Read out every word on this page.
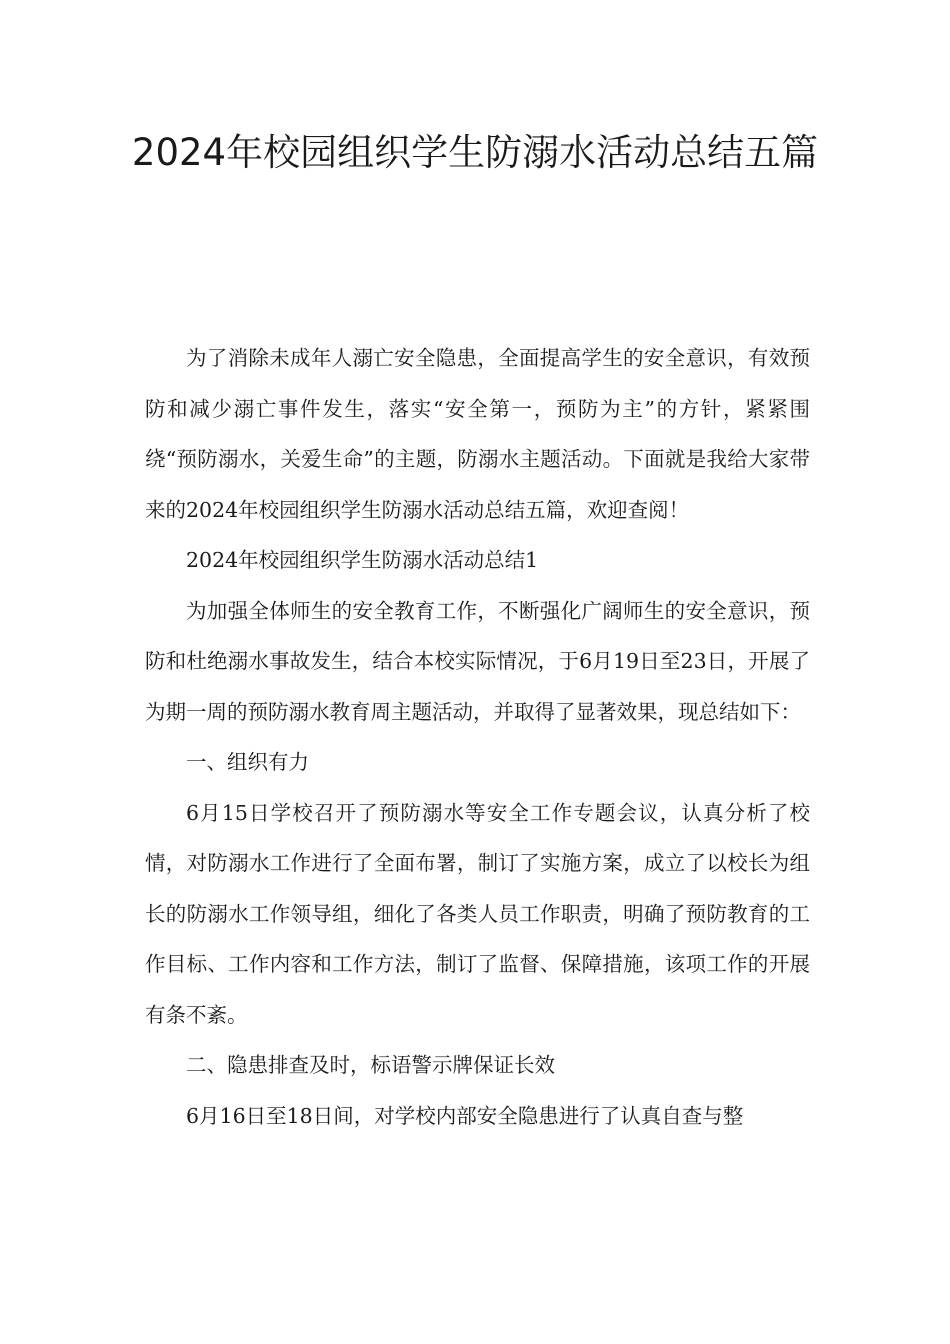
2024年校园组织学生防溺水活动总结五篇

为了消除未成年人溺亡安全隐患，全面提高学生的安全意识，有效预防和减少溺亡事件发生，落实“安全第一，预防为主”的方针，紧紧围绕“预防溺水，关爱生命”的主题，防溺水主题活动。下面就是我给大家带来的2024年校园组织学生防溺水活动总结五篇，欢迎查阅！

2024年校园组织学生防溺水活动总结1

为加强全体师生的安全教育工作，不断强化广阔师生的安全意识，预防和杜绝溺水事故发生，结合本校实际情况，于6月19日至23日，开展了为期一周的预防溺水教育周主题活动，并取得了显著效果，现总结如下：

一、组织有力

6月15日学校召开了预防溺水等安全工作专题会议，认真分析了校情，对防溺水工作进行了全面布署，制订了实施方案，成立了以校长为组长的防溺水工作领导组，细化了各类人员工作职责，明确了预防教育的工作目标、工作内容和工作方法，制订了监督、保障措施，该项工作的开展有条不紊。

二、隐患排查及时，标语警示牌保证长效

6月16日至18日间，对学校内部安全隐患进行了认真自查与整
